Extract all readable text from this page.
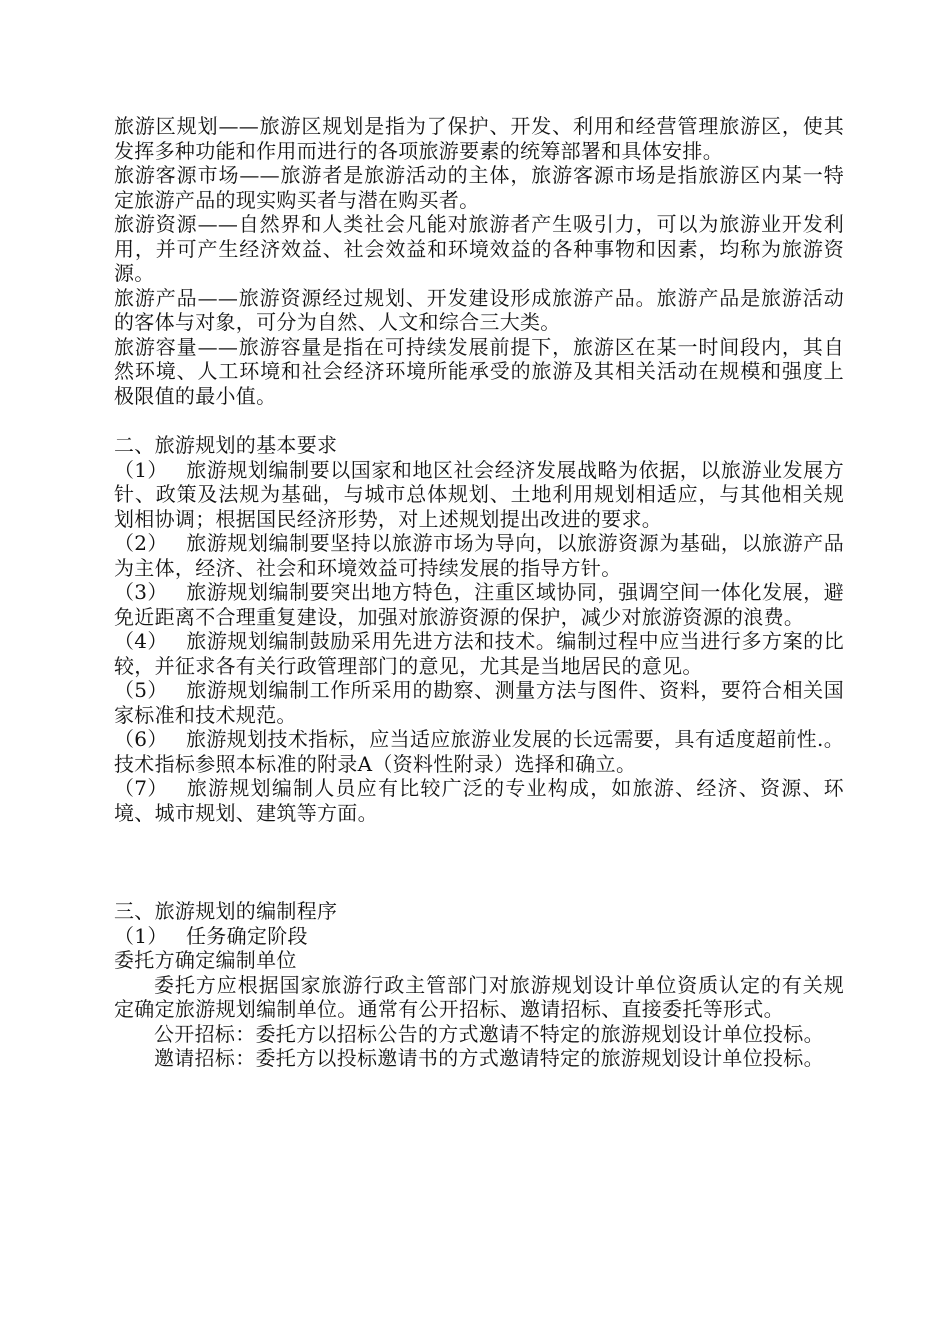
旅游区规划——旅游区规划是指为了保护、开发、利用和经营管理旅游区，使其发挥多种功能和作用而进行的各项旅游要素的统筹部署和具体安排。

旅游客源市场——旅游者是旅游活动的主体，旅游客源市场是指旅游区内某一特定旅游产品的现实购买者与潜在购买者。

旅游资源——自然界和人类社会凡能对旅游者产生吸引力，可以为旅游业开发利用，并可产生经济效益、社会效益和环境效益的各种事物和因素，均称为旅游资源。

旅游产品——旅游资源经过规划、开发建设形成旅游产品。旅游产品是旅游活动的客体与对象，可分为自然、人文和综合三大类。

旅游容量——旅游容量是指在可持续发展前提下，旅游区在某一时间段内，其自然环境、人工环境和社会经济环境所能承受的旅游及其相关活动在规模和强度上极限值的最小值。

二、旅游规划的基本要求

（1） 旅游规划编制要以国家和地区社会经济发展战略为依据，以旅游业发展方针、政策及法规为基础，与城市总体规划、土地利用规划相适应，与其他相关规划相协调；根据国民经济形势，对上述规划提出改进的要求。

（2） 旅游规划编制要坚持以旅游市场为导向，以旅游资源为基础，以旅游产品为主体，经济、社会和环境效益可持续发展的指导方针。

（3） 旅游规划编制要突出地方特色，注重区域协同，强调空间一体化发展，避免近距离不合理重复建设，加强对旅游资源的保护，减少对旅游资源的浪费。

（4） 旅游规划编制鼓励采用先进方法和技术。编制过程中应当进行多方案的比较，并征求各有关行政管理部门的意见，尤其是当地居民的意见。

（5） 旅游规划编制工作所采用的勘察、测量方法与图件、资料，要符合相关国家标准和技术规范。

（6） 旅游规划技术指标，应当适应旅游业发展的长远需要，具有适度超前性.。技术指标参照本标准的附录A（资料性附录）选择和确立。

（7） 旅游规划编制人员应有比较广泛的专业构成，如旅游、经济、资源、环境、城市规划、建筑等方面。

三、旅游规划的编制程序

（1） 任务确定阶段

委托方确定编制单位

委托方应根据国家旅游行政主管部门对旅游规划设计单位资质认定的有关规定确定旅游规划编制单位。通常有公开招标、邀请招标、直接委托等形式。

公开招标：委托方以招标公告的方式邀请不特定的旅游规划设计单位投标。

邀请招标：委托方以投标邀请书的方式邀请特定的旅游规划设计单位投标。
